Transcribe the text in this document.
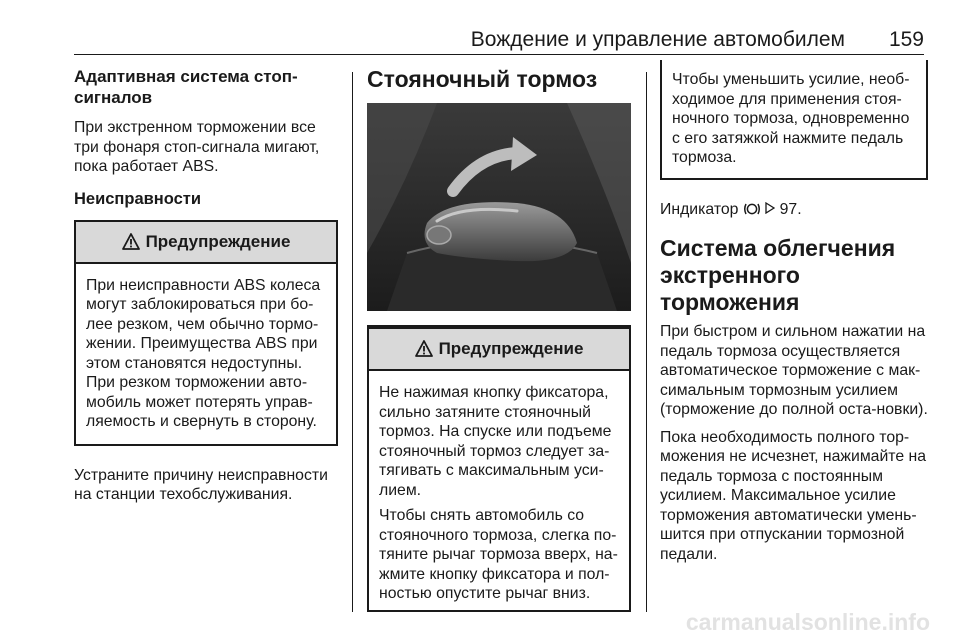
Вождение и управление автомобилем 159
Адаптивная система стоп-сигналов

При экстренном торможении все три фонаря стоп-сигнала мигают, пока работает ABS.

Неисправности
Предупреждение

При неисправности ABS колеса могут заблокироваться при бо-лее резком, чем обычно тормо-жении. Преимущества ABS при этом становятся недоступны. При резком торможении авто-мобиль может потерять управ-ляемость и свернуть в сторону.

Устраните причину неисправности на станции техобслуживания.

Стояночный тормоз
Предупреждение

Не нажимая кнопку фиксатора, сильно затяните стояночный тормоз. На спуске или подъеме стояночный тормоз следует за-тягивать с максимальным уси-лием.

Чтобы снять автомобиль со стояночного тормоза, слегка по-тяните рычаг тормоза вверх, на-жмите кнопку фиксатора и пол-ностью опустите рычаг вниз.

Чтобы уменьшить усилие, необ-ходимое для применения стоя-ночного тормоза, одновременно с его затяжкой нажмите педаль тормоза.

Индикатор	97.

Система облегчения экстренного торможения

При быстром и сильном нажатии на педаль тормоза осуществляется автоматическое торможение с мак-симальным тормозным усилием (торможение до полной оста-новки).

Пока необходимость полного тор-можения не исчезнет, нажимайте на педаль тормоза с постоянным усилием. Максимальное усилие торможения автоматически умень-шится при отпускании тормозной педали.

carmanualsonline.info
